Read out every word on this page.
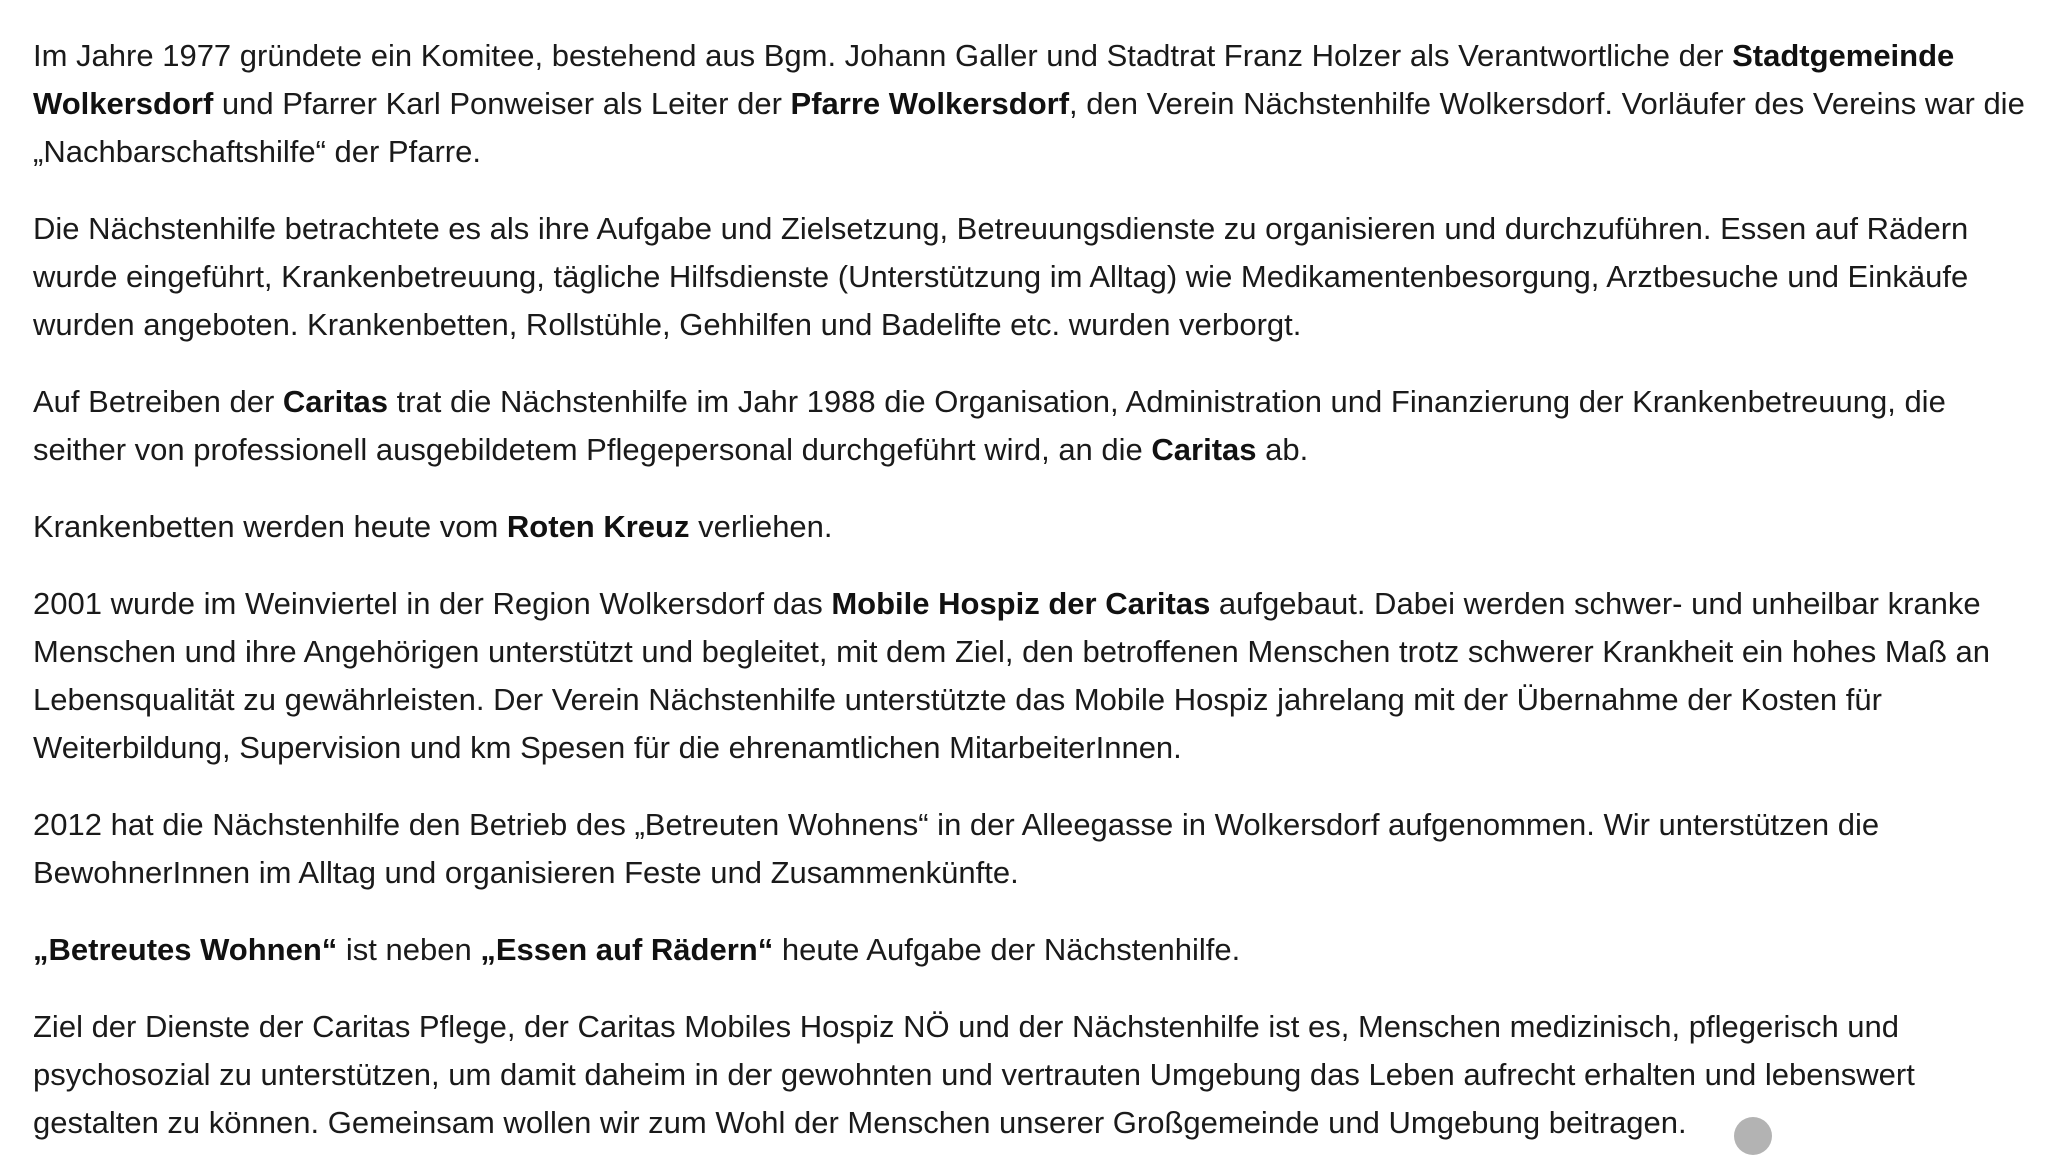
Im Jahre 1977 gründete ein Komitee, bestehend aus Bgm. Johann Galler und Stadtrat Franz Holzer als Verantwortliche der Stadtgemeinde Wolkersdorf und Pfarrer Karl Ponweiser als Leiter der Pfarre Wolkersdorf, den Verein Nächstenhilfe Wolkersdorf. Vorläufer des Vereins war die „Nachbarschaftshilfe“ der Pfarre.

Die Nächstenhilfe betrachtete es als ihre Aufgabe und Zielsetzung, Betreuungsdienste zu organisieren und durchzuführen. Essen auf Rädern wurde eingeführt, Krankenbetreuung, tägliche Hilfsdienste (Unterstützung im Alltag) wie Medikamentenbesorgung, Arztbesuche und Einkäufe wurden angeboten. Krankenbetten, Rollstühle, Gehhilfen und Badelifte etc. wurden verborgt.

Auf Betreiben der Caritas trat die Nächstenhilfe im Jahr 1988 die Organisation, Administration und Finanzierung der Krankenbetreuung, die seither von professionell ausgebildetem Pflegepersonal durchgeführt wird, an die Caritas ab.

Krankenbetten werden heute vom Roten Kreuz verliehen.

2001 wurde im Weinviertel in der Region Wolkersdorf das Mobile Hospiz der Caritas aufgebaut. Dabei werden schwer- und unheilbar kranke Menschen und ihre Angehörigen unterstützt und begleitet, mit dem Ziel, den betroffenen Menschen trotz schwerer Krankheit ein hohes Maß an Lebensqualität zu gewährleisten. Der Verein Nächstenhilfe unterstützte das Mobile Hospiz jahrelang mit der Übernahme der Kosten für Weiterbildung, Supervision und km Spesen für die ehrenamtlichen MitarbeiterInnen.

2012 hat die Nächstenhilfe den Betrieb des „Betreuten Wohnens“ in der Alleegasse in Wolkersdorf aufgenommen. Wir unterstützen die BewohnerInnen im Alltag und organisieren Feste und Zusammenkünfte.

„Betreutes Wohnen“ ist neben „Essen auf Rädern“ heute Aufgabe der Nächstenhilfe.

Ziel der Dienste der Caritas Pflege, der Caritas Mobiles Hospiz NÖ und der Nächstenhilfe ist es, Menschen medizinisch, pflegerisch und psychosozial zu unterstützen, um damit daheim in der gewohnten und vertrauten Umgebung das Leben aufrecht erhalten und lebenswert gestalten zu können. Gemeinsam wollen wir zum Wohl der Menschen unserer Großgemeinde und Umgebung beitragen.
